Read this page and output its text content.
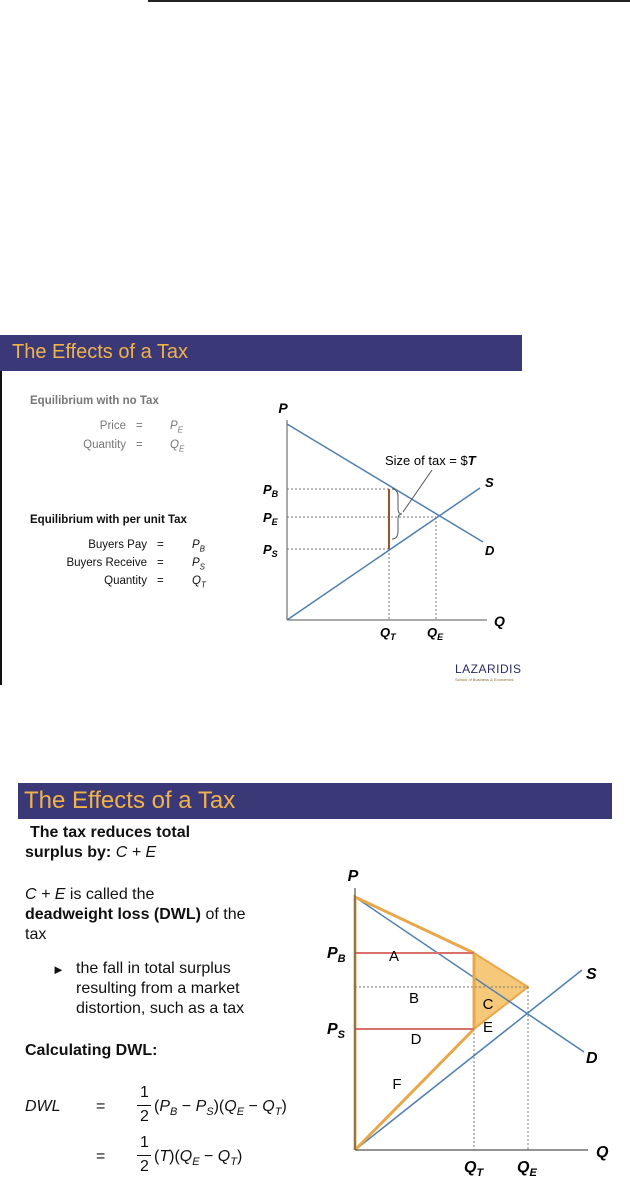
The Effects of a Tax
Equilibrium with no Tax
Price = $P_E$
Quantity = $Q_E$
Equilibrium with per unit Tax
Buyers Pay = $P_B$
Buyers Receive = $P_S$
Quantity = $Q_T$
P
Q
S
D
$P_B$
$P_E$
$P_S$
$Q_T$ $Q_E$
Size of tax = $T
LAZARIDIS
School of Business & Economics
The Effects of a Tax
The tax reduces total
surplus by: C + E
C + E is called the
deadweight loss (DWL) of the
tax
► the fall in total surplus
resulting from a market
distortion, such as a tax
Calculating DWL:
DWL =
=
1
2
1
2
$(P_B - P_S)(Q_E - Q_T)$
$(T)(Q_E - Q_T)$
A
B	C
D
E
F
P
Q
S
D
$P_B$
$P_S$
$Q_T$ $Q_E$
